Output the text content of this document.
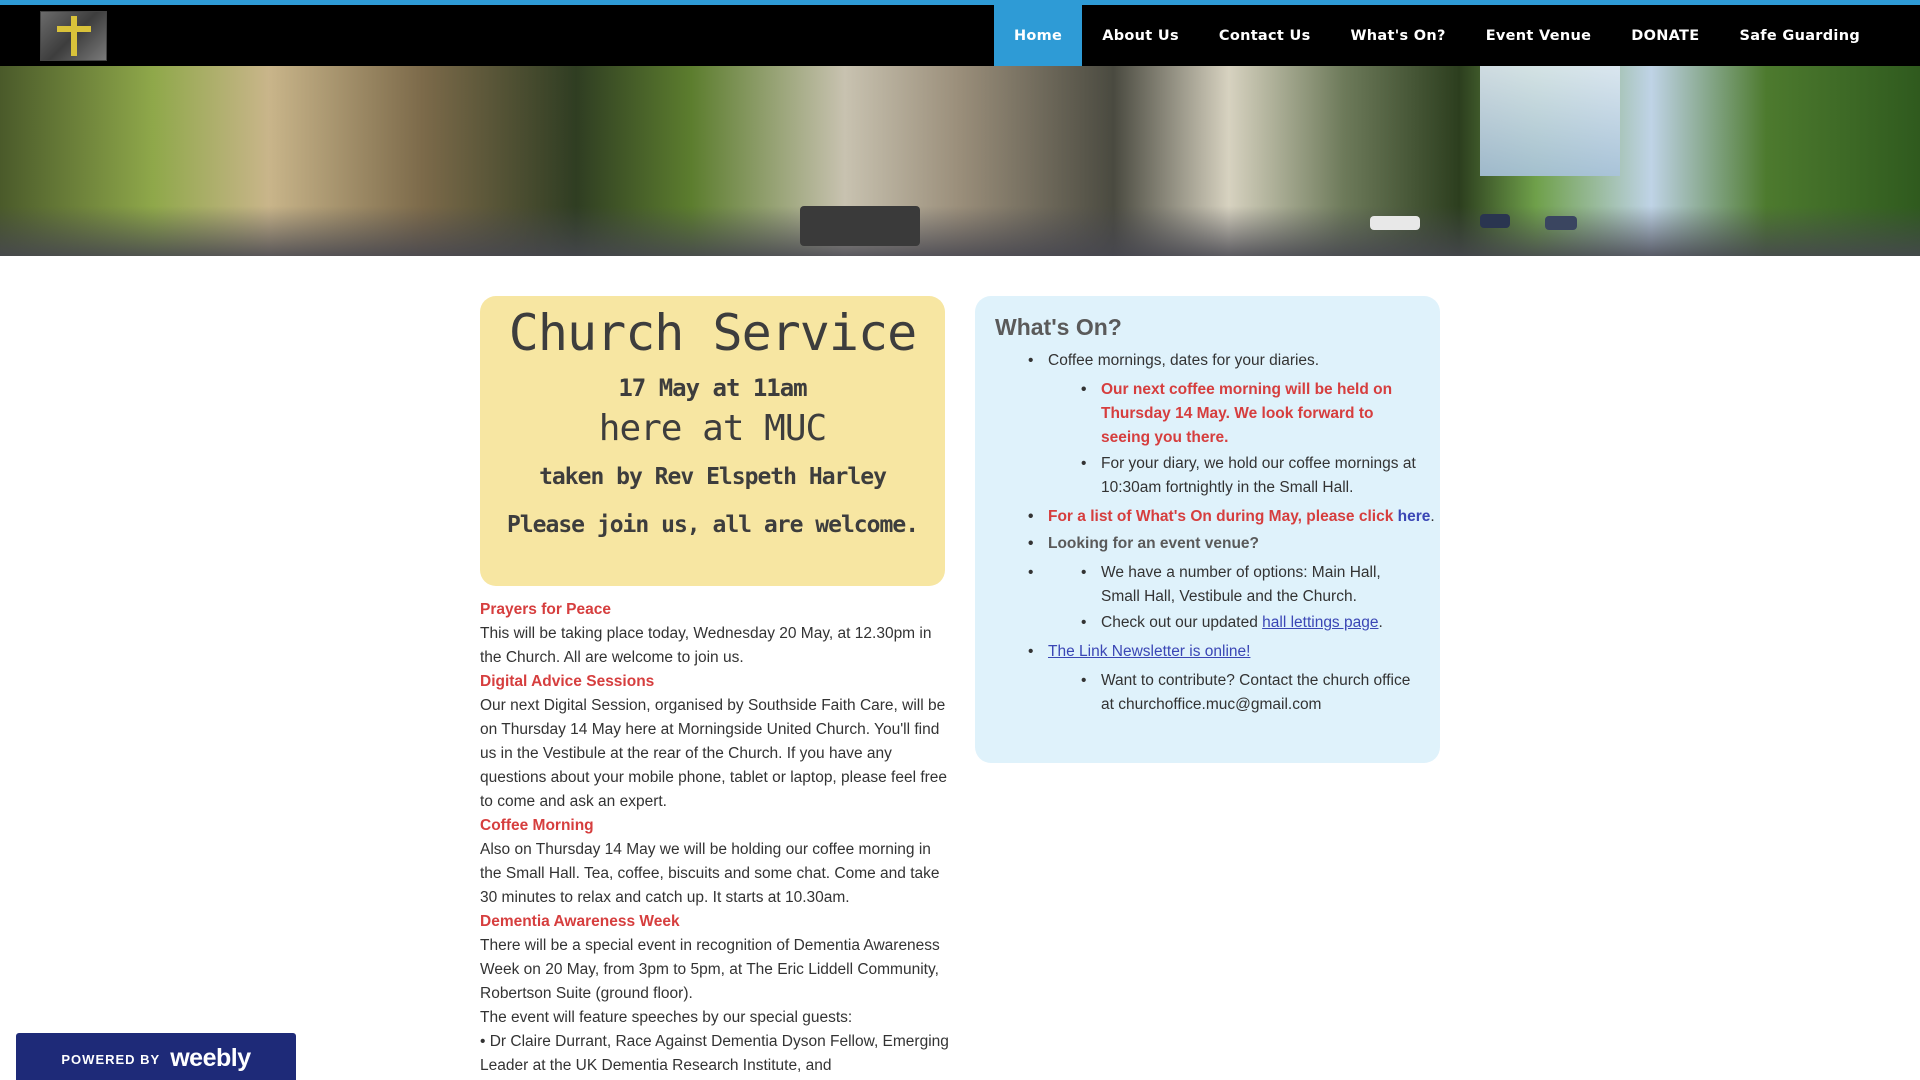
Home	About Us	Contact Us	What's On?	Event Venue	DONATE	Safe Guarding
Church Service
17 May at 11am
here at MUC
taken by Rev Elspeth Harley
Please join us, all are welcome.
Prayers for Peace

This will be taking place today, Wednesday 20 May, at 12.30pm in the Church. All are welcome to join us.

Digital Advice Sessions

Our next Digital Session, organised by Southside Faith Care, will be on Thursday 14 May here at Morningside United Church. You'll find us in the Vestibule at the rear of the Church. If you have any questions about your mobile phone, tablet or laptop, please feel free to come and ask an expert.

Coffee Morning

Also on Thursday 14 May we will be holding our coffee morning in the Small Hall. Tea, coffee, biscuits and some chat. Come and take 30 minutes to relax and catch up. It starts at 10.30am.

Dementia Awareness Week

There will be a special event in recognition of Dementia Awareness Week on 20 May, from 3pm to 5pm, at The Eric Liddell Community, Robertson Suite (ground floor).

The event will feature speeches by our special guests:

• Dr Claire Durrant, Race Against Dementia Dyson Fellow, Emerging Leader at the UK Dementia Research Institute, and

What's On?
• Coffee mornings, dates for your diaries.
• Our next coffee morning will be held on Thursday 14 May. We look forward to seeing you there.
• For your diary, we hold our coffee mornings at 10:30am fortnightly in the Small Hall.
• For a list of What's On during May, please click here.
• Looking for an event venue?
•
•	We have a number of options: Main Hall, Small Hall, Vestibule and the Church.
• Check out our updated hall lettings page.
• The Link Newsletter is online!
• Want to contribute? Contact the church office at churchoffice.muc@gmail.com
POWERED BY weebly
